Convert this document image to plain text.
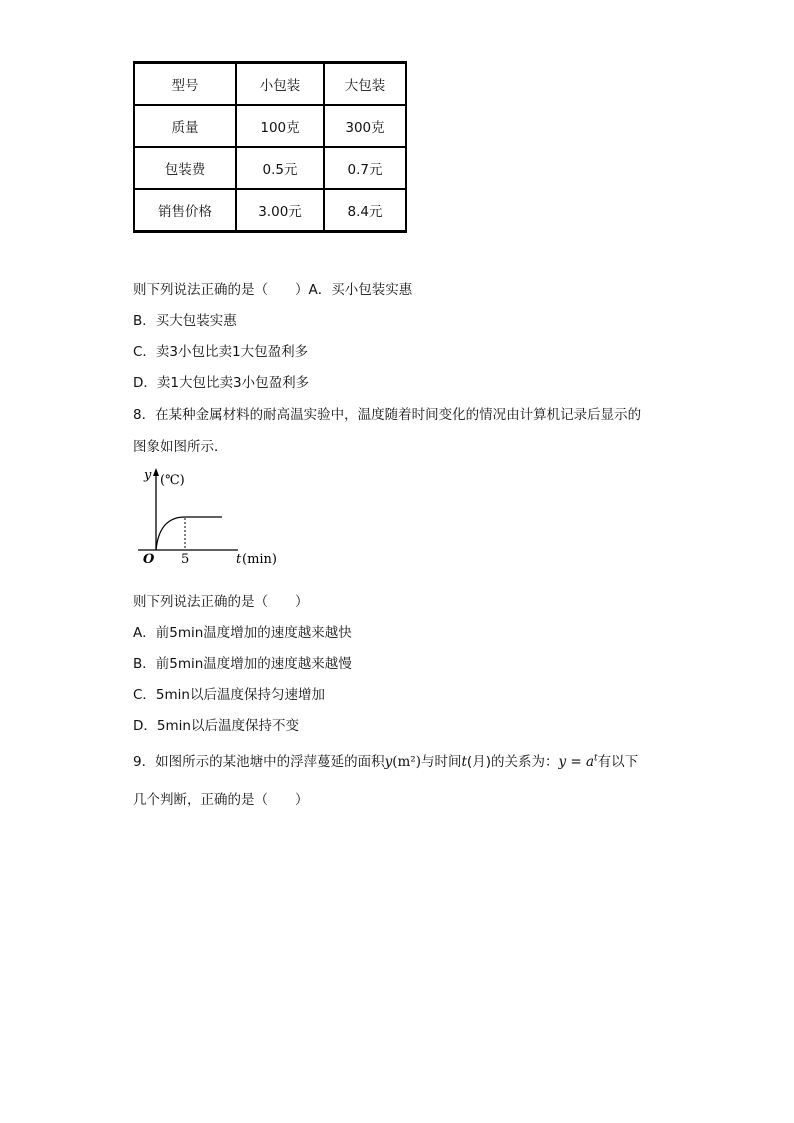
型号	小包装	大包装
质量	100克	300克
包装费	0.5元	0.7元
销售价格	3.00元	8.4元
则下列说法正确的是（　　）A．买小包装实惠
B．买大包装实惠
C．卖3小包比卖1大包盈利多
D．卖1大包比卖3小包盈利多
8．在某种金属材料的耐高温实验中，温度随着时间变化的情况由计算机记录后显示的
图象如图所示．
y (℃)
O 5	t (min)
则下列说法正确的是（　　）
A．前5min温度增加的速度越来越快
B．前5min温度增加的速度越来越慢
C．5min以后温度保持匀速增加
D．5min以后温度保持不变
9．如图所示的某池塘中的浮萍蔓延的面积y(m²)与时间t(月)的关系为：$y = a^t$有以下
几个判断，正确的是（　　）
